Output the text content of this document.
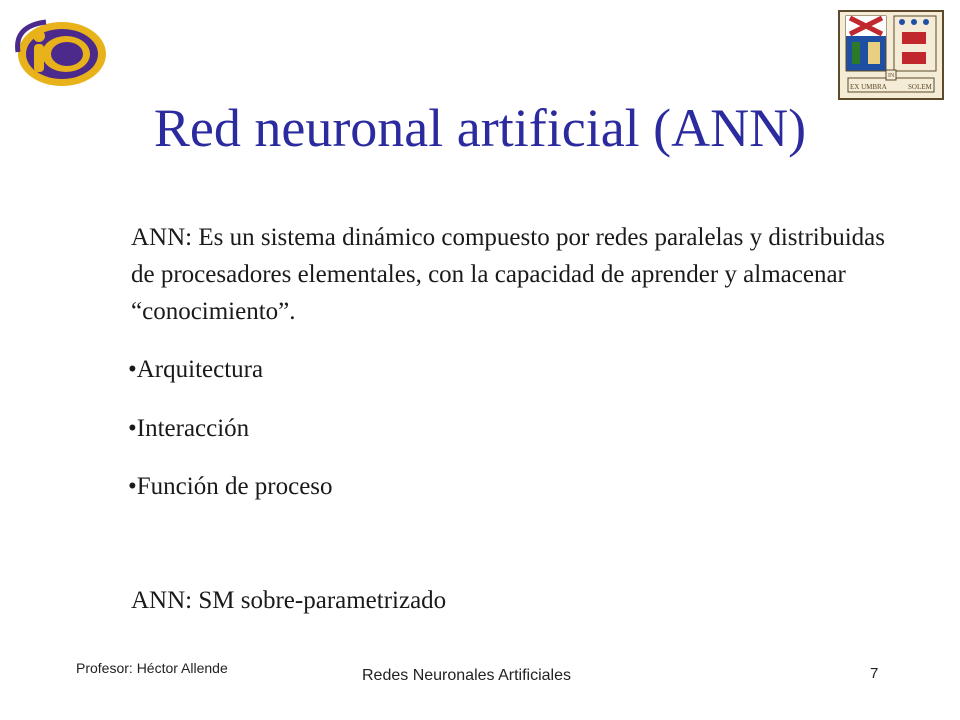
EX UMBRA
IN
SOLEM
Red neuronal artificial (ANN)
ANN: Es un sistema dinámico compuesto por redes paralelas y distribuidas de procesadores elementales, con la capacidad de aprender y almacenar “conocimiento”.
•Arquitectura
•Interacción
•Función de proceso
ANN: SM sobre-parametrizado
Profesor: Héctor Allende	Redes Neuronales Artificiales	7
